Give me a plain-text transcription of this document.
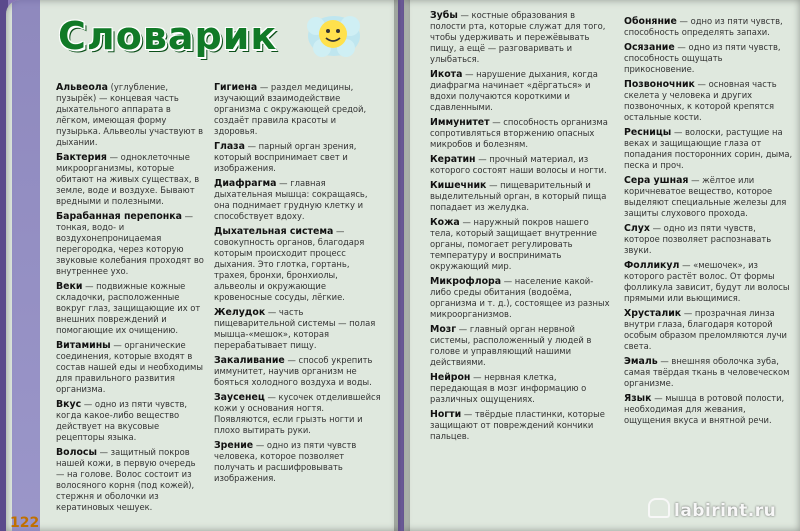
Словарик
Альвеола (углубление, пузырёк) — концевая часть дыхательного аппарата в лёгком, имеющая форму пузырька. Альвеолы участвуют в дыхании.
Бактерия — одноклеточные микроорганизмы, которые обитают на живых существах, в земле, воде и воздухе. Бывают вредными и полезными.
Барабанная перепонка — тонкая, водо- и воздухонепроницаемая перегородка, через которую звуковые колебания проходят во внутреннее ухо.
Веки — подвижные кожные складочки, расположенные вокруг глаз, защищающие их от внешних повреждений и помогающие их очищению.
Витамины — органические соединения, которые входят в состав нашей еды и необходимы для правильного развития организма.
Вкус — одно из пяти чувств, когда какое-либо вещество действует на вкусовые рецепторы языка.
Волосы — защитный покров нашей кожи, в первую очередь — на голове. Волос состоит из волосяного корня (под кожей), стержня и оболочки из кератиновых чешуек.
Гигиена — раздел медицины, изучающий взаимодействие организма с окружающей средой, создаёт правила красоты и здоровья.
Глаза — парный орган зрения, который воспринимает свет и изображения.
Диафрагма — главная дыхательная мышца: сокращаясь, она поднимает грудную клетку и способствует вдоху.
Дыхательная система — совокупность органов, благодаря которым происходит процесс дыхания. Это глотка, гортань, трахея, бронхи, бронхиолы, альвеолы и окружающие кровеносные сосуды, лёгкие.
Желудок — часть пищеварительной системы — полая мышца-«мешок», которая перерабатывает пищу.
Закаливание — способ укрепить иммунитет, научив организм не бояться холодного воздуха и воды.
Заусенец — кусочек отделившейся кожи у основания ногтя. Появляются, если грызть ногти и плохо вытирать руки.
Зрение — одно из пяти чувств человека, которое позволяет получать и расшифровывать изображения.
Зубы — костные образования в полости рта, которые служат для того, чтобы удерживать и пережёвывать пищу, а ещё — разговаривать и улыбаться.
Икота — нарушение дыхания, когда диафрагма начинает «дёргаться» и вдохи получаются короткими и сдавленными.
Иммунитет — способность организма сопротивляться вторжению опасных микробов и болезням.
Кератин — прочный материал, из которого состоят наши волосы и ногти.
Кишечник — пищеварительный и выделительный орган, в который пища попадает из желудка.
Кожа — наружный покров нашего тела, который защищает внутренние органы, помогает регулировать температуру и воспринимать окружающий мир.
Микрофлора — население какой-либо среды обитания (водоёма, организма и т. д.), состоящее из разных микроорганизмов.
Мозг — главный орган нервной системы, расположенный у людей в голове и управляющий нашими действиями.
Нейрон — нервная клетка, передающая в мозг информацию о различных ощущениях.
Ногти — твёрдые пластинки, которые защищают от повреждений кончики пальцев.
Обоняние — одно из пяти чувств, способность определять запахи.
Осязание — одно из пяти чувств, способность ощущать прикосновение.
Позвоночник — основная часть скелета у человека и других позвоночных, к которой крепятся остальные кости.
Ресницы — волоски, растущие на веках и защищающие глаза от попадания посторонних сорин, дыма, песка и проч.
Сера ушная — жёлтое или коричневатое вещество, которое выделяют специальные железы для защиты слухового прохода.
Слух — одно из пяти чувств, которое позволяет распознавать звуки.
Фолликул — «мешочек», из которого растёт волос. От формы фолликула зависит, будут ли волосы прямыми или вьющимися.
Хрусталик — прозрачная линза внутри глаза, благодаря которой особым образом преломляются лучи света.
Эмаль — внешняя оболочка зуба, самая твёрдая ткань в человеческом организме.
Язык — мышца в ротовой полости, необходимая для жевания, ощущения вкуса и внятной речи.
122
labirint.ru
